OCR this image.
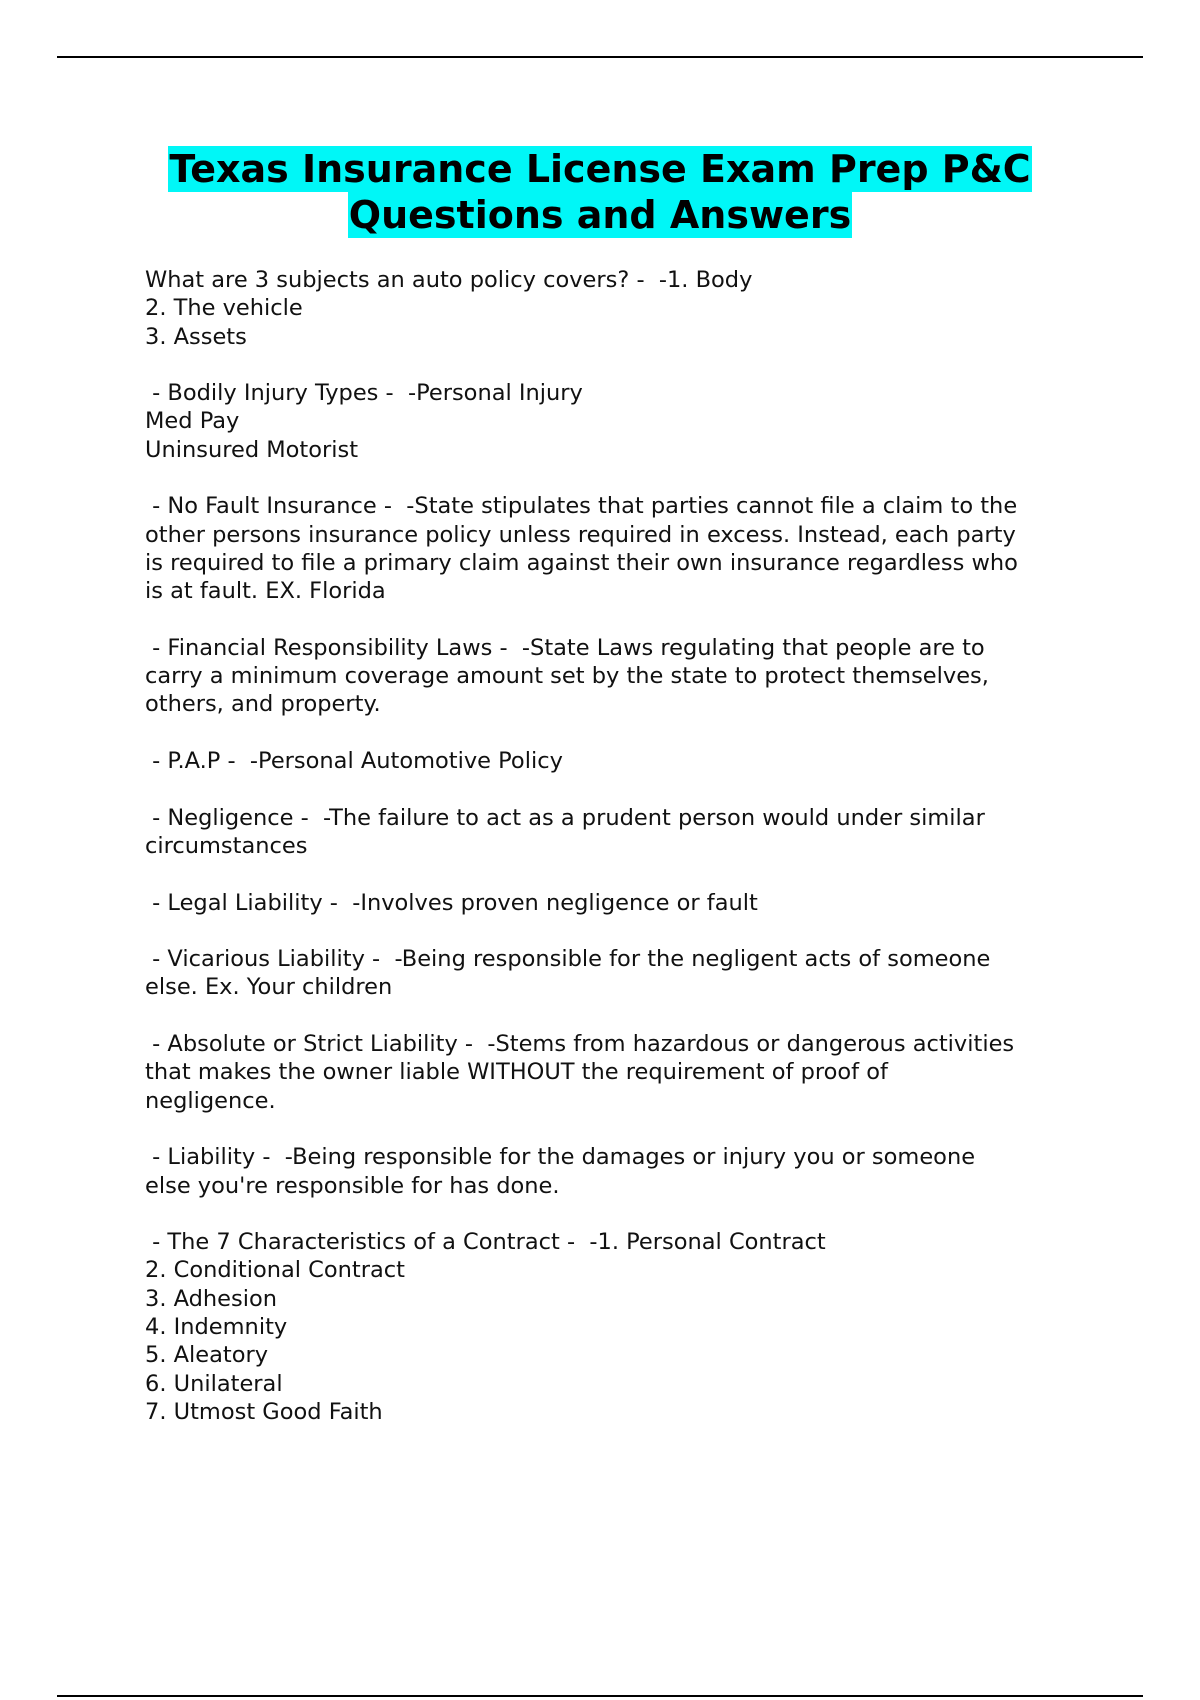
Texas Insurance License Exam Prep P&C
Questions and Answers
What are 3 subjects an auto policy covers? -  -1. Body
2. The vehicle
3. Assets
- Bodily Injury Types -  -Personal Injury
Med Pay
Uninsured Motorist
- No Fault Insurance -  -State stipulates that parties cannot file a claim to the
other persons insurance policy unless required in excess. Instead, each party
is required to file a primary claim against their own insurance regardless who
is at fault. EX. Florida
- Financial Responsibility Laws -  -State Laws regulating that people are to
carry a minimum coverage amount set by the state to protect themselves,
others, and property.
- P.A.P -  -Personal Automotive Policy
- Negligence -  -The failure to act as a prudent person would under similar
circumstances
- Legal Liability -  -Involves proven negligence or fault
- Vicarious Liability -  -Being responsible for the negligent acts of someone
else. Ex. Your children
- Absolute or Strict Liability -  -Stems from hazardous or dangerous activities
that makes the owner liable WITHOUT the requirement of proof of
negligence.
- Liability -  -Being responsible for the damages or injury you or someone
else you're responsible for has done.
- The 7 Characteristics of a Contract -  -1. Personal Contract
2. Conditional Contract
3. Adhesion
4. Indemnity
5. Aleatory
6. Unilateral
7. Utmost Good Faith
